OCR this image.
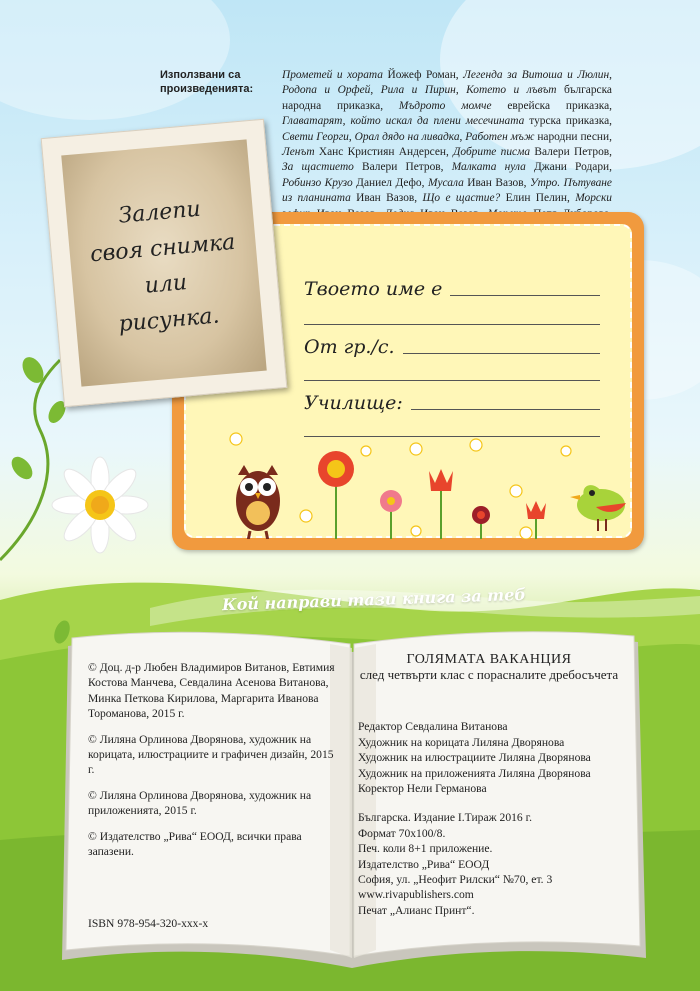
Използвани са произведенията:
Прометей и хората Йожеф Роман, Легенда за Витоша и Люлин, Родопа и Орфей, Рила и Пирин, Котето и лъвът българска народна приказка, Мъдрото момче еврейска приказка, Главатарят, който искал да плени месечината турска приказка, Свети Георги, Орал дядо на ливадка, Работен мъж народни песни, Ленът Ханс Кристиян Андерсен, Добрите писма Валери Петров, За щастието Валери Петров, Малката нула Джани Родари, Робинзо Крузо Даниел Дефо, Мусала Иван Вазов, Утро. Пътуване из планината Иван Вазов, Що е щастие? Елин Пелин, Морски
Твоето име е
От гр./с.
Училище:
Залепи
своя снимка
или
рисунка.
Кой направи тази книга за теб

© Доц. д-р Любен Владимиров Витанов, Евтимия Костова Манчева, Севдалина Асенова Витанова, Минка Петкова Кирилова, Маргарита Иванова Тороманова, 2015 г.

© Лиляна Орлинова Дворянова, художник на корицата, илюстрациите и графичен дизайн, 2015 г.

© Лиляна Орлинова Дворянова, художник на приложенията, 2015 г.

© Издателство „Рива“ ЕООД, всички права запазени.

ISBN 978-954-320-xxx-x
ГОЛЯМАТА ВАКАНЦИЯ
след четвърти клас с порасналите дребосъчета
Редактор Севдалина Витанова
Художник на корицата Лиляна Дворянова
Художник на илюстрациите Лиляна Дворянова
Художник на приложенията Лиляна Дворянова
Коректор Нели Германова
Българска. Издание I.Тираж 2016 г.
Формат 70х100/8.
Печ. коли 8+1 приложение.
Издателство „Рива“ ЕООД
София, ул. „Неофит Рилски“ №70, ет. 3
www.rivapublishers.com
Печат „Алианс Принт“.
